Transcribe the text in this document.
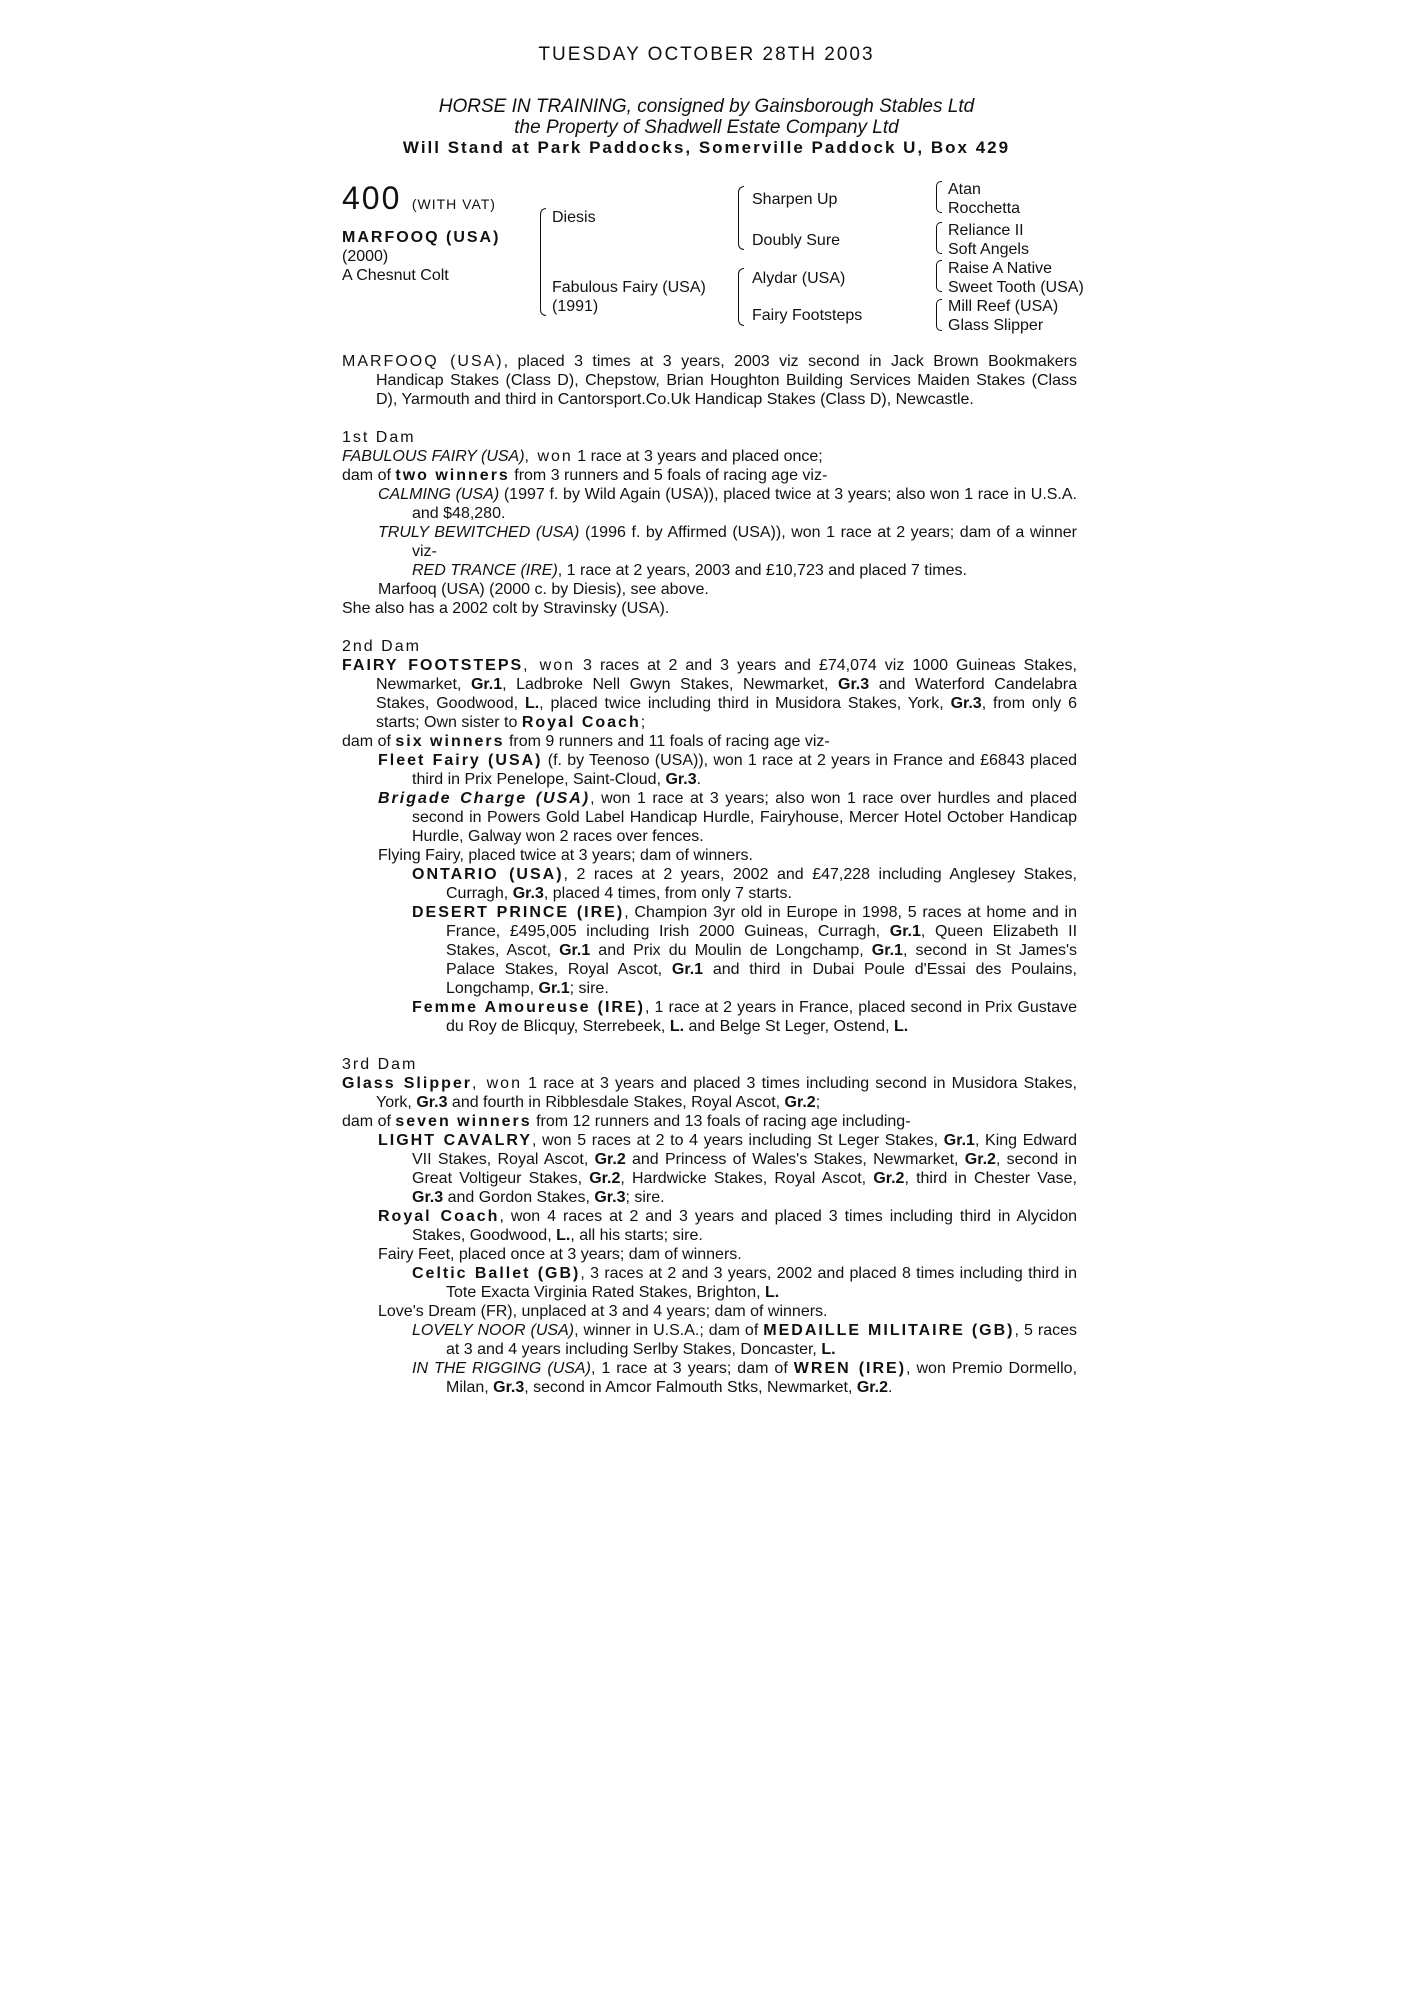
TUESDAY OCTOBER 28TH 2003
HORSE IN TRAINING, consigned by Gainsborough Stables Ltd
the Property of Shadwell Estate Company Ltd
Will Stand at Park Paddocks, Somerville Paddock U, Box 429
400 (WITH VAT)
MARFOOQ (USA)
(2000)
A Chesnut Colt
Diesis
Fabulous Fairy (USA)
(1991)
Sharpen Up
Doubly Sure
Alydar (USA)
Fairy Footsteps
Atan
Rocchetta
Reliance II
Soft Angels
Raise A Native
Sweet Tooth (USA)
Mill Reef (USA)
Glass Slipper

MARFOOQ (USA), placed 3 times at 3 years, 2003 viz second in Jack Brown Bookmakers Handicap Stakes (Class D), Chepstow, Brian Houghton Building Services Maiden Stakes (Class D), Yarmouth and third in Cantorsport.Co.Uk Handicap Stakes (Class D), Newcastle.

1st Dam

FABULOUS FAIRY (USA), won 1 race at 3 years and placed once;

dam of two winners from 3 runners and 5 foals of racing age viz-

CALMING (USA) (1997 f. by Wild Again (USA)), placed twice at 3 years; also won 1 race in U.S.A. and $48,280.

TRULY BEWITCHED (USA) (1996 f. by Affirmed (USA)), won 1 race at 2 years; dam of a winner viz-

RED TRANCE (IRE), 1 race at 2 years, 2003 and £10,723 and placed 7 times.

Marfooq (USA) (2000 c. by Diesis), see above.

She also has a 2002 colt by Stravinsky (USA).

2nd Dam

FAIRY FOOTSTEPS, won 3 races at 2 and 3 years and £74,074 viz 1000 Guineas Stakes, Newmarket, Gr.1, Ladbroke Nell Gwyn Stakes, Newmarket, Gr.3 and Waterford Candelabra Stakes, Goodwood, L., placed twice including third in Musidora Stakes, York, Gr.3, from only 6 starts; Own sister to Royal Coach;

dam of six winners from 9 runners and 11 foals of racing age viz-

Fleet Fairy (USA) (f. by Teenoso (USA)), won 1 race at 2 years in France and £6843 placed third in Prix Penelope, Saint-Cloud, Gr.3.

Brigade Charge (USA), won 1 race at 3 years; also won 1 race over hurdles and placed second in Powers Gold Label Handicap Hurdle, Fairyhouse, Mercer Hotel October Handicap Hurdle, Galway won 2 races over fences.

Flying Fairy, placed twice at 3 years; dam of winners.

ONTARIO (USA), 2 races at 2 years, 2002 and £47,228 including Anglesey Stakes, Curragh, Gr.3, placed 4 times, from only 7 starts.

DESERT PRINCE (IRE), Champion 3yr old in Europe in 1998, 5 races at home and in France, £495,005 including Irish 2000 Guineas, Curragh, Gr.1, Queen Elizabeth II Stakes, Ascot, Gr.1 and Prix du Moulin de Longchamp, Gr.1, second in St James's Palace Stakes, Royal Ascot, Gr.1 and third in Dubai Poule d'Essai des Poulains, Longchamp, Gr.1; sire.

Femme Amoureuse (IRE), 1 race at 2 years in France, placed second in Prix Gustave du Roy de Blicquy, Sterrebeek, L. and Belge St Leger, Ostend, L.

3rd Dam

Glass Slipper, won 1 race at 3 years and placed 3 times including second in Musidora Stakes, York, Gr.3 and fourth in Ribblesdale Stakes, Royal Ascot, Gr.2;

dam of seven winners from 12 runners and 13 foals of racing age including-

LIGHT CAVALRY, won 5 races at 2 to 4 years including St Leger Stakes, Gr.1, King Edward VII Stakes, Royal Ascot, Gr.2 and Princess of Wales's Stakes, Newmarket, Gr.2, second in Great Voltigeur Stakes, Gr.2, Hardwicke Stakes, Royal Ascot, Gr.2, third in Chester Vase, Gr.3 and Gordon Stakes, Gr.3; sire.

Royal Coach, won 4 races at 2 and 3 years and placed 3 times including third in Alycidon Stakes, Goodwood, L., all his starts; sire.

Fairy Feet, placed once at 3 years; dam of winners.

Celtic Ballet (GB), 3 races at 2 and 3 years, 2002 and placed 8 times including third in Tote Exacta Virginia Rated Stakes, Brighton, L.

Love's Dream (FR), unplaced at 3 and 4 years; dam of winners.

LOVELY NOOR (USA), winner in U.S.A.; dam of MEDAILLE MILITAIRE (GB), 5 races at 3 and 4 years including Serlby Stakes, Doncaster, L.

IN THE RIGGING (USA), 1 race at 3 years; dam of WREN (IRE), won Premio Dormello, Milan, Gr.3, second in Amcor Falmouth Stks, Newmarket, Gr.2.
